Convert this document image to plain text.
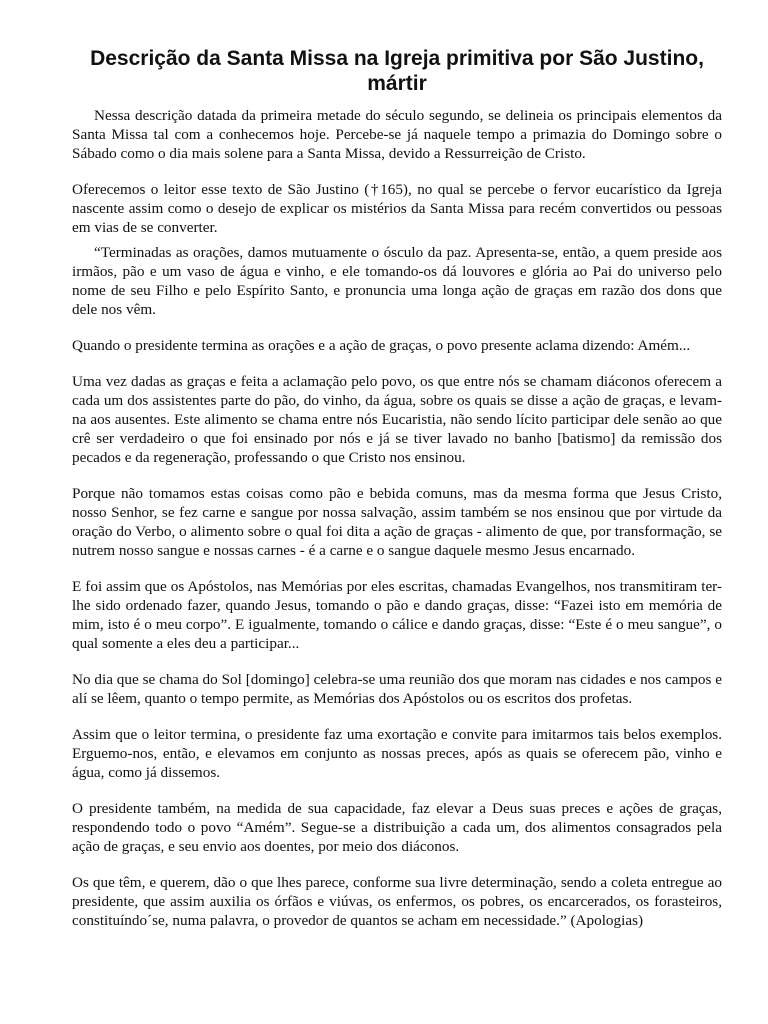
Descrição da Santa Missa na Igreja primitiva por São Justino, mártir

Nessa descrição datada da primeira metade do século segundo, se delineia os principais elementos da Santa Missa tal com a conhecemos hoje. Percebe-se já naquele tempo a primazia do Domingo sobre o Sábado como o dia mais solene para a Santa Missa, devido a Ressurreição de Cristo.

Oferecemos o leitor esse texto de São Justino (†165), no qual se percebe o fervor eucarístico da Igreja nascente assim como o desejo de explicar os mistérios da Santa Missa para recém convertidos ou pessoas em vias de se converter.

“Terminadas as orações, damos mutuamente o ósculo da paz. Apresenta-se, então, a quem preside aos irmãos, pão e um vaso de água e vinho, e ele tomando-os dá louvores e glória ao Pai do universo pelo nome de seu Filho e pelo Espírito Santo, e pronuncia uma longa ação de graças em razão dos dons que dele nos vêm.

Quando o presidente termina as orações e a ação de graças, o povo presente aclama dizendo: Amém...

Uma vez dadas as graças e feita a aclamação pelo povo, os que entre nós se chamam diáconos oferecem a cada um dos assistentes parte do pão, do vinho, da água, sobre os quais se disse a ação de graças, e levam-na aos ausentes. Este alimento se chama entre nós Eucaristia, não sendo lícito participar dele senão ao que crê ser verdadeiro o que foi ensinado por nós e já se tiver lavado no banho [batismo] da remissão dos pecados e da regeneração, professando o que Cristo nos ensinou.

Porque não tomamos estas coisas como pão e bebida comuns, mas da mesma forma que Jesus Cristo, nosso Senhor, se fez carne e sangue por nossa salvação, assim também se nos ensinou que por virtude da oração do Verbo, o alimento sobre o qual foi dita a ação de graças - alimento de que, por transformação, se nutrem nosso sangue e nossas carnes - é a carne e o sangue daquele mesmo Jesus encarnado.

E foi assim que os Apóstolos, nas Memórias por eles escritas, chamadas Evangelhos, nos transmitiram ter-lhe sido ordenado fazer, quando Jesus, tomando o pão e dando graças, disse: “Fazei isto em memória de mim, isto é o meu corpo”. E igualmente, tomando o cálice e dando graças, disse: “Este é o meu sangue”, o qual somente a eles deu a participar...

No dia que se chama do Sol [domingo] celebra-se uma reunião dos que moram nas cidades e nos campos e alí se lêem, quanto o tempo permite, as Memórias dos Apóstolos ou os escritos dos profetas.

Assim que o leitor termina, o presidente faz uma exortação e convite para imitarmos tais belos exemplos. Erguemo-nos, então, e elevamos em conjunto as nossas preces, após as quais se oferecem pão, vinho e água, como já dissemos.

O presidente também, na medida de sua capacidade, faz elevar a Deus suas preces e ações de graças, respondendo todo o povo “Amém”. Segue-se a distribuição a cada um, dos alimentos consagrados pela ação de graças, e seu envio aos doentes, por meio dos diáconos.

Os que têm, e querem, dão o que lhes parece, conforme sua livre determinação, sendo a coleta entregue ao presidente, que assim auxilia os órfãos e viúvas, os enfermos, os pobres, os encarcerados, os forasteiros, constituíndo´se, numa palavra, o provedor de quantos se acham em necessidade.” (Apologias)
